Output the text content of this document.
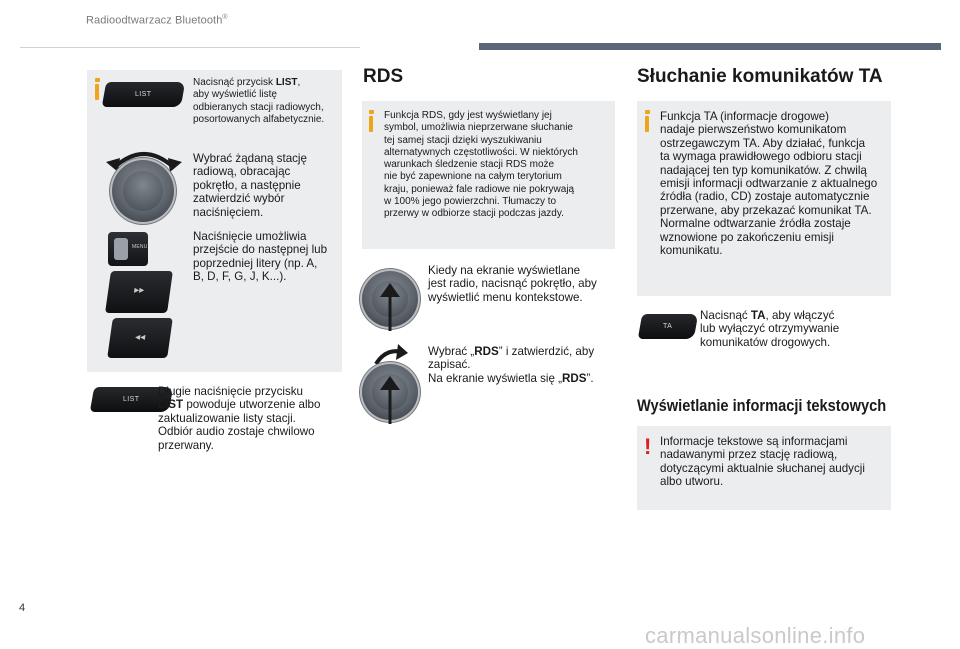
Radioodtwarzacz Bluetooth®
LIST
Nacisnąć przycisk LIST,
aby wyświetlić listę
odbieranych stacji radiowych,
posortowanych alfabetycznie.
Wybrać żądaną stację
radiową, obracając
pokrętło, a następnie
zatwierdzić wybór
naciśnięciem.
MENU
▸▸
◂◂
Naciśnięcie umożliwia
przejście do następnej lub
poprzedniej litery (np. A,
B, D, F, G, J, K...).
LIST
Długie naciśnięcie przycisku
LIST powoduje utworzenie albo
zaktualizowanie listy stacji.
Odbiór audio zostaje chwilowo
przerwany.
RDS
Funkcja RDS, gdy jest wyświetlany jej
symbol, umożliwia nieprzerwane słuchanie
tej samej stacji dzięki wyszukiwaniu
alternatywnych częstotliwości. W niektórych
warunkach śledzenie stacji RDS może
nie być zapewnione na całym terytorium
kraju, ponieważ fale radiowe nie pokrywają
w 100% jego powierzchni. Tłumaczy to
przerwy w odbiorze stacji podczas jazdy.
Kiedy na ekranie wyświetlane
jest radio, nacisnąć pokrętło, aby
wyświetlić menu kontekstowe.
Wybrać „RDS” i zatwierdzić, aby
zapisać.
Na ekranie wyświetla się „RDS”.
Słuchanie komunikatów TA
Funkcja TA (informacje drogowe)
nadaje pierwszeństwo komunikatom
ostrzegawczym TA. Aby działać, funkcja
ta wymaga prawidłowego odbioru stacji
nadającej ten typ komunikatów. Z chwilą
emisji informacji odtwarzanie z aktualnego
źródła (radio, CD) zostaje automatycznie
przerwane, aby przekazać komunikat TA.
Normalne odtwarzanie źródła zostaje
wznowione po zakończeniu emisji
komunikatu.
TA
Nacisnąć TA, aby włączyć
lub wyłączyć otrzymywanie
komunikatów drogowych.
Wyświetlanie informacji tekstowych
! Informacje tekstowe są informacjami
nadawanymi przez stację radiową,
dotyczącymi aktualnie słuchanej audycji
albo utworu.
4
carmanualsonline.info
